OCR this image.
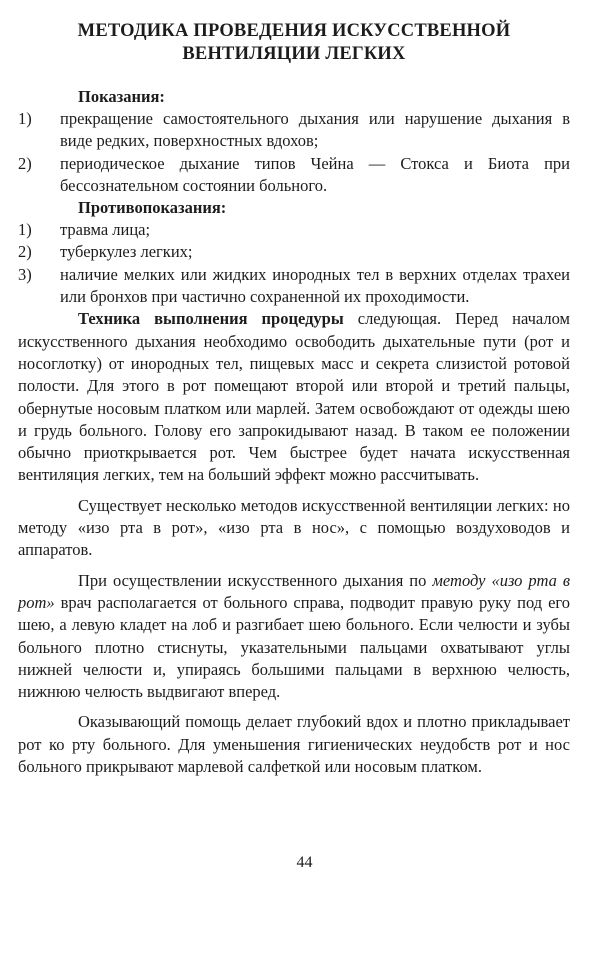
МЕТОДИКА ПРОВЕДЕНИЯ ИСКУССТВЕННОЙ
ВЕНТИЛЯЦИИ ЛЕГКИХ

Показания:

1)	прекращение самостоятельного дыхания или нарушение дыхания в виде редких, поверхностных вдохов;
2)	периодическое дыхание типов Чейна — Стокса и Биота при бессознательном состоянии больного.

Противопоказания:

1)	травма лица;
2)	туберкулез легких;
3)	наличие мелких или жидких инородных тел в верхних отделах трахеи или бронхов при частично сохраненной их проходимости.

Техника выполнения процедуры следующая. Перед началом искусственного дыхания необходимо освободить дыхательные пути (рот и носоглотку) от инородных тел, пищевых масс и секрета слизистой ротовой полости. Для этого в рот помещают второй или второй и третий пальцы, обернутые носовым платком или марлей. Затем освобождают от одежды шею и грудь больного. Голову его запрокидывают назад. В таком ее положении обычно приоткрывается рот. Чем быстрее будет начата искусственная вентиляция легких, тем на больший эффект можно рассчитывать.

Существует несколько методов искусственной вентиляции легких: но методу «изо рта в рот», «изо рта в нос», с помощью воздуховодов и аппаратов.

При осуществлении искусственного дыхания по методу «изо рта в рот» врач располагается от больного справа, подводит правую руку под его шею, а левую кладет на лоб и разгибает шею больного. Если челюсти и зубы больного плотно стиснуты, указательными пальцами охватывают углы нижней челюсти и, упираясь большими пальцами в верхнюю челюсть, нижнюю челюсть выдвигают вперед.

Оказывающий помощь делает глубокий вдох и плотно прикладывает рот ко рту больного. Для уменьшения гигиенических неудобств рот и нос больного прикрывают марлевой салфеткой или носовым платком.

44
